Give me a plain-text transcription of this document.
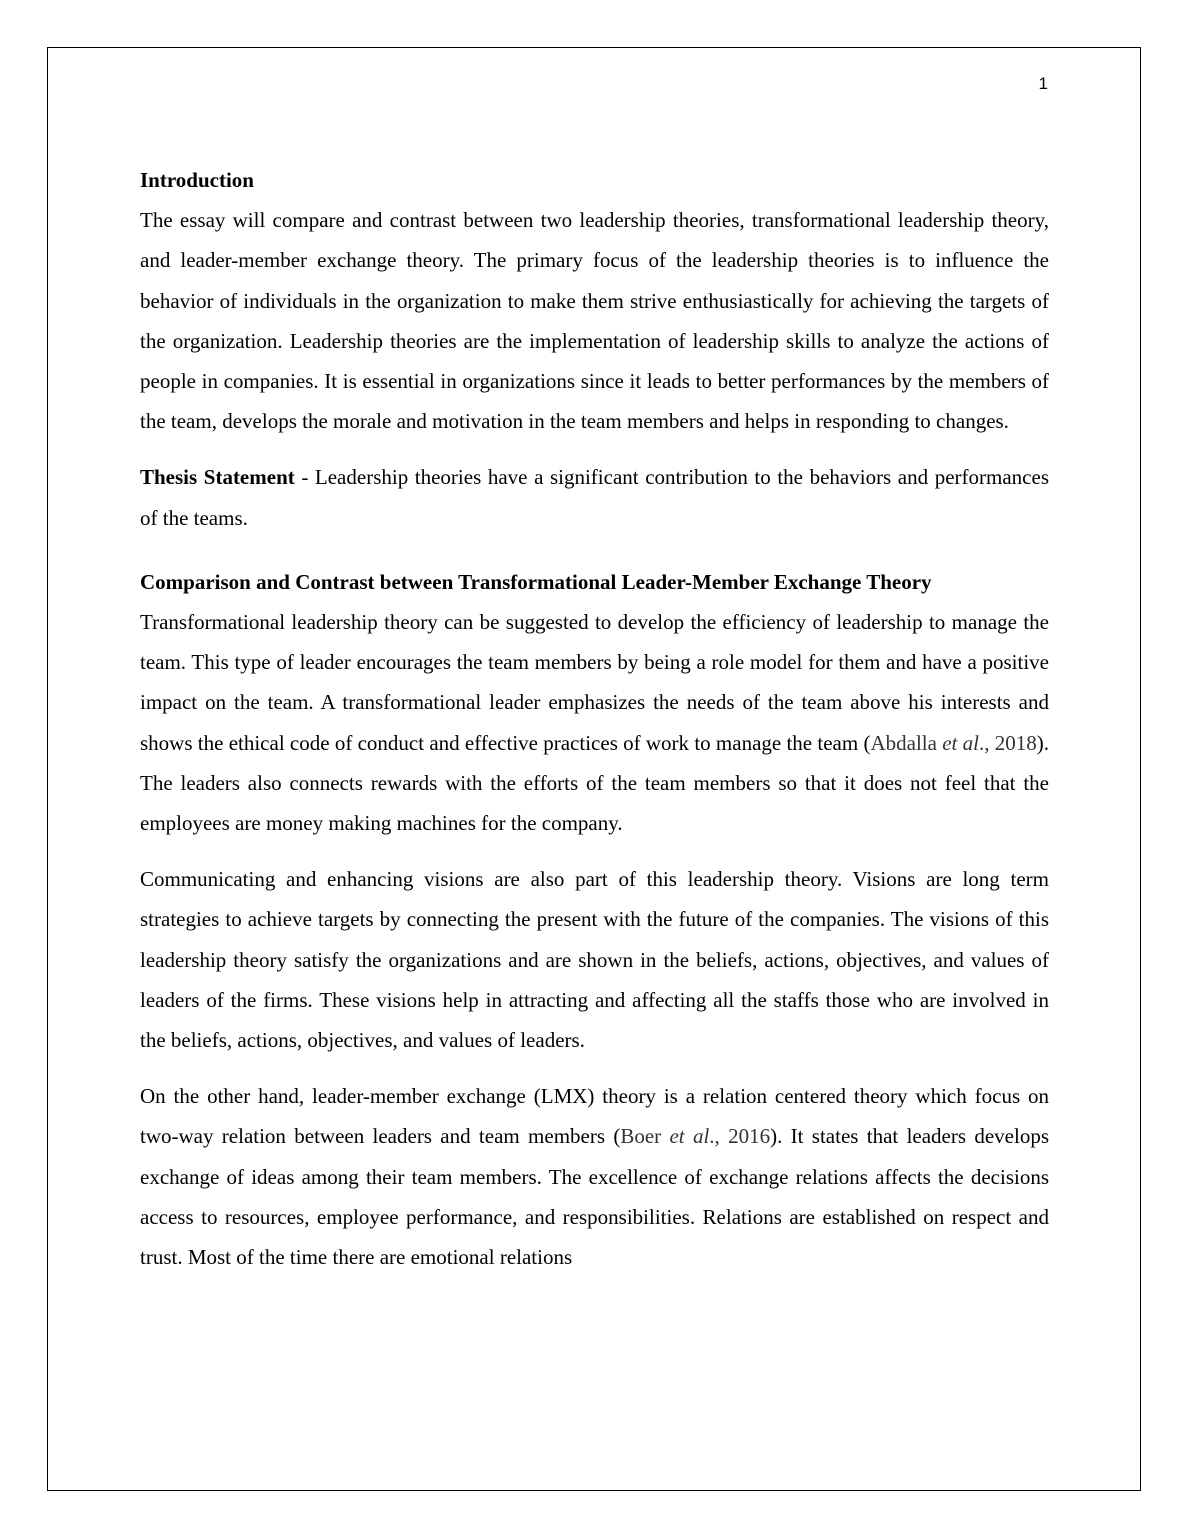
1

Introduction

The essay will compare and contrast between two leadership theories, transformational leadership theory, and leader-member exchange theory. The primary focus of the leadership theories is to influence the behavior of individuals in the organization to make them strive enthusiastically for achieving the targets of the organization. Leadership theories are the implementation of leadership skills to analyze the actions of people in companies. It is essential in organizations since it leads to better performances by the members of the team, develops the morale and motivation in the team members and helps in responding to changes.

Thesis Statement - Leadership theories have a significant contribution to the behaviors and performances of the teams.

Comparison and Contrast between Transformational Leader-Member Exchange Theory

Transformational leadership theory can be suggested to develop the efficiency of leadership to manage the team. This type of leader encourages the team members by being a role model for them and have a positive impact on the team. A transformational leader emphasizes the needs of the team above his interests and shows the ethical code of conduct and effective practices of work to manage the team (Abdalla et al., 2018). The leaders also connects rewards with the efforts of the team members so that it does not feel that the employees are money making machines for the company.

Communicating and enhancing visions are also part of this leadership theory. Visions are long term strategies to achieve targets by connecting the present with the future of the companies. The visions of this leadership theory satisfy the organizations and are shown in the beliefs, actions, objectives, and values of leaders of the firms. These visions help in attracting and affecting all the staffs those who are involved in the beliefs, actions, objectives, and values of leaders.

On the other hand, leader-member exchange (LMX) theory is a relation centered theory which focus on two-way relation between leaders and team members (Boer et al., 2016). It states that leaders develops exchange of ideas among their team members. The excellence of exchange relations affects the decisions access to resources, employee performance, and responsibilities. Relations are established on respect and trust. Most of the time there are emotional relations
